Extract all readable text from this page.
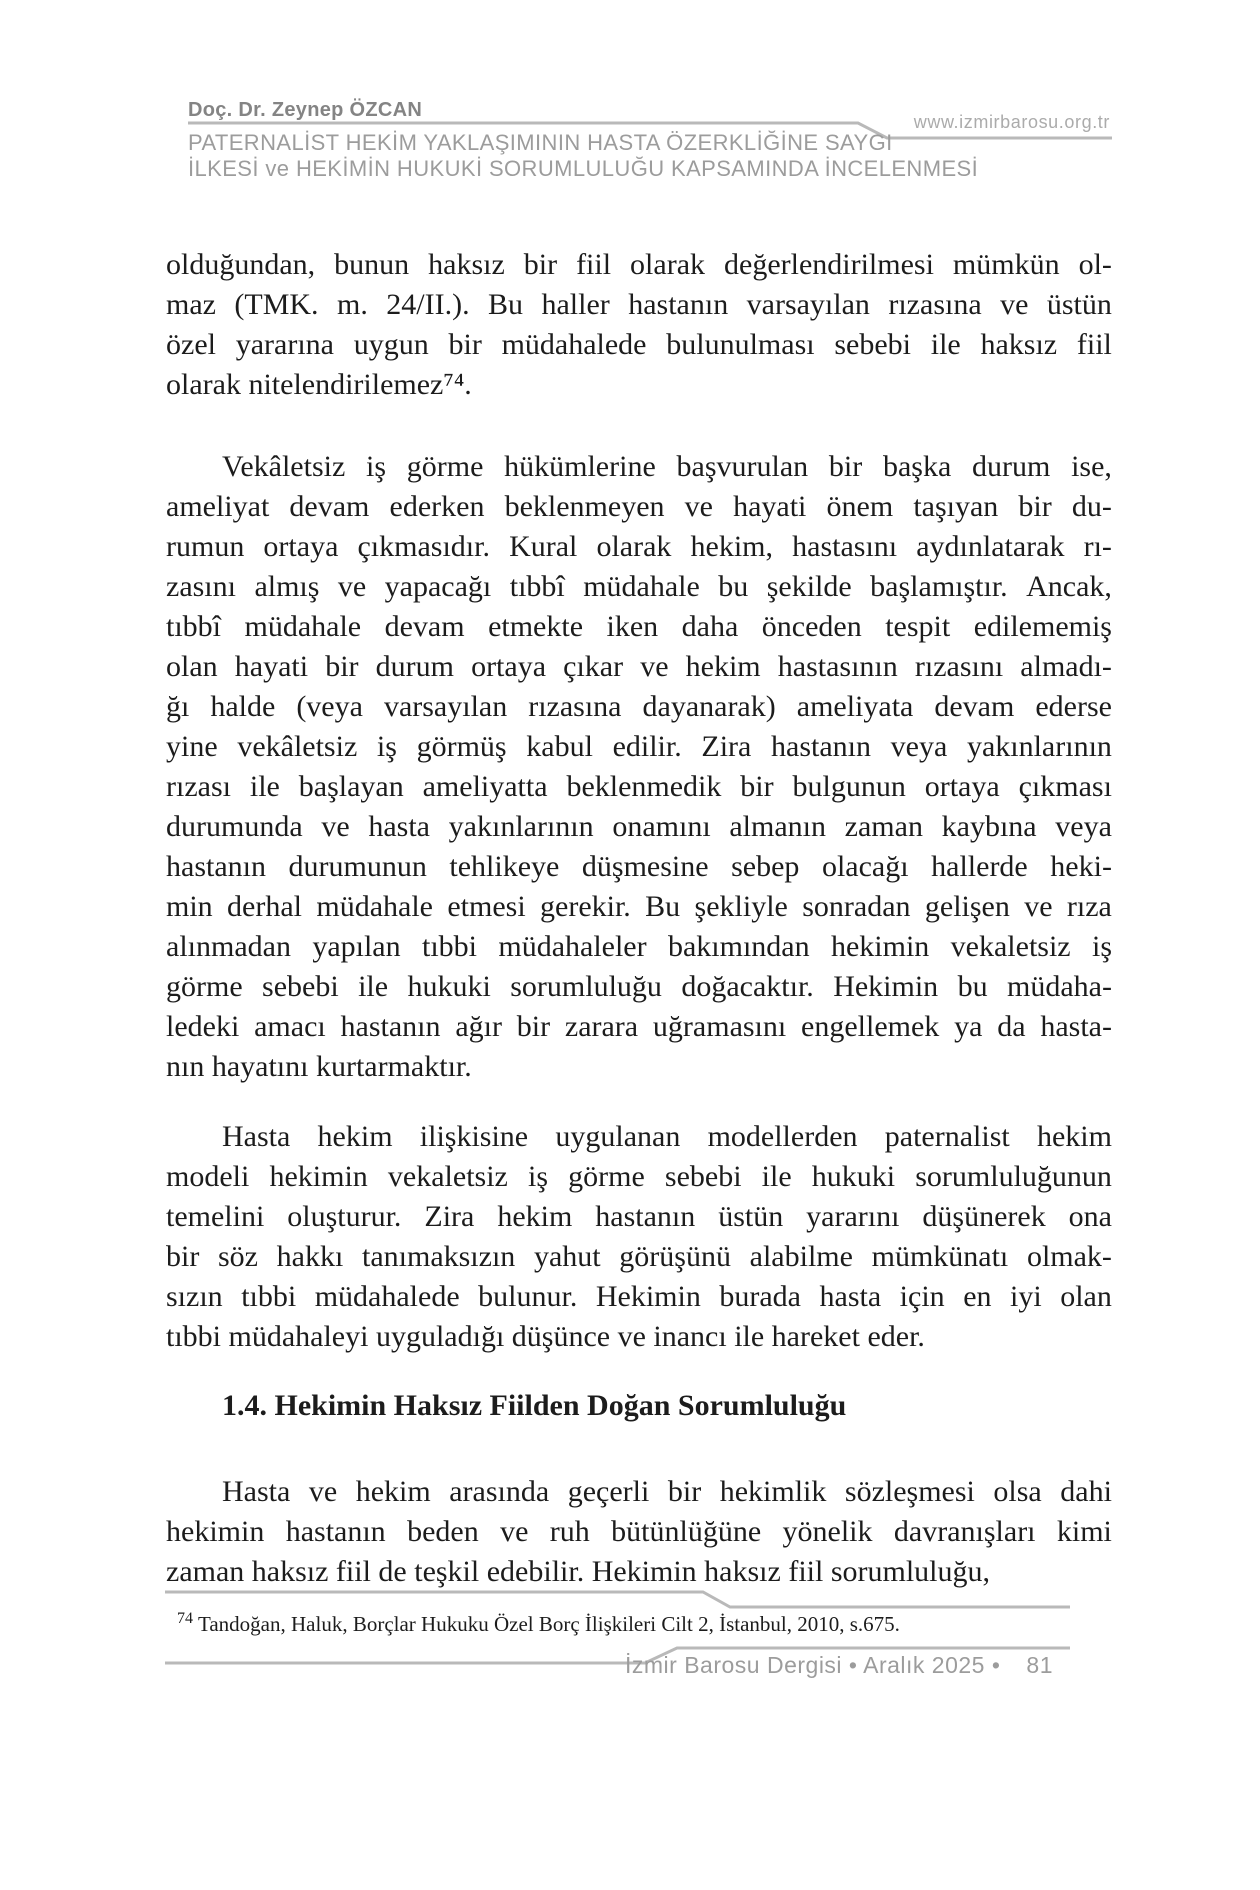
Doç. Dr. Zeynep ÖZCAN
www.izmirbarosu.org.tr
PATERNALİST HEKİM YAKLAŞIMININ HASTA ÖZERKLİĞİNE SAYGI
İLKESİ ve HEKİMİN HUKUKİ SORUMLULUĞU KAPSAMINDA İNCELENMESİ

olduğundan, bunun haksız bir fiil olarak değerlendirilmesi mümkün ol-
maz (TMK. m. 24/II.). Bu haller hastanın varsayılan rızasına ve üstün
özel yararına uygun bir müdahalede bulunulması sebebi ile haksız fiil
olarak nitelendirilemez⁷⁴.

Vekâletsiz iş görme hükümlerine başvurulan bir başka durum ise,
ameliyat devam ederken beklenmeyen ve hayati önem taşıyan bir du-
rumun ortaya çıkmasıdır. Kural olarak hekim, hastasını aydınlatarak rı-
zasını almış ve yapacağı tıbbî müdahale bu şekilde başlamıştır. Ancak,
tıbbî müdahale devam etmekte iken daha önceden tespit edilememiş
olan hayati bir durum ortaya çıkar ve hekim hastasının rızasını almadı-
ğı halde (veya varsayılan rızasına dayanarak) ameliyata devam ederse
yine vekâletsiz iş görmüş kabul edilir. Zira hastanın veya yakınlarının
rızası ile başlayan ameliyatta beklenmedik bir bulgunun ortaya çıkması
durumunda ve hasta yakınlarının onamını almanın zaman kaybına veya
hastanın durumunun tehlikeye düşmesine sebep olacağı hallerde heki-
min derhal müdahale etmesi gerekir. Bu şekliyle sonradan gelişen ve rıza
alınmadan yapılan tıbbi müdahaleler bakımından hekimin vekaletsiz iş
görme sebebi ile hukuki sorumluluğu doğacaktır. Hekimin bu müdaha-
ledeki amacı hastanın ağır bir zarara uğramasını engellemek ya da hasta-
nın hayatını kurtarmaktır.

Hasta hekim ilişkisine uygulanan modellerden paternalist hekim
modeli hekimin vekaletsiz iş görme sebebi ile hukuki sorumluluğunun
temelini oluşturur. Zira hekim hastanın üstün yararını düşünerek ona
bir söz hakkı tanımaksızın yahut görüşünü alabilme mümkünatı olmak-
sızın tıbbi müdahalede bulunur. Hekimin burada hasta için en iyi olan
tıbbi müdahaleyi uyguladığı düşünce ve inancı ile hareket eder.

1.4. Hekimin Haksız Fiilden Doğan Sorumluluğu

Hasta ve hekim arasında geçerli bir hekimlik sözleşmesi olsa dahi
hekimin hastanın beden ve ruh bütünlüğüne yönelik davranışları kimi
zaman haksız fiil de teşkil edebilir. Hekimin haksız fiil sorumluluğu,

$^{74}$ Tandoğan, Haluk, Borçlar Hukuku Özel Borç İlişkileri Cilt 2, İstanbul, 2010, s.675.
İzmir Barosu Dergisi • Aralık 2025 • 81
